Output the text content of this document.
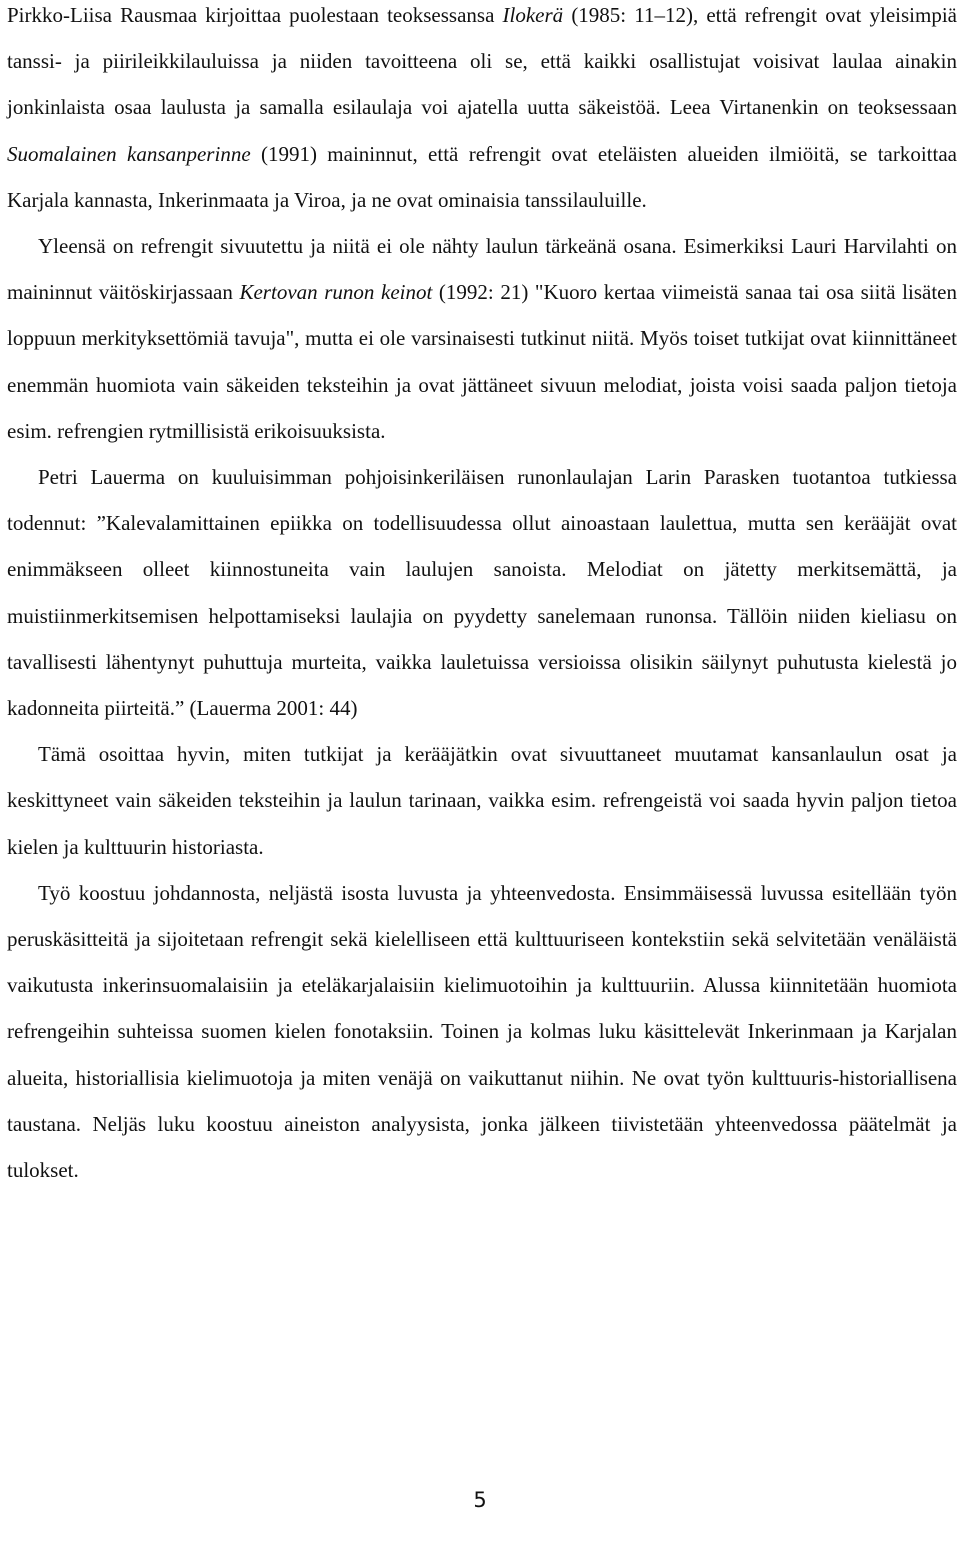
Pirkko-Liisa Rausmaa kirjoittaa puolestaan teoksessansa Ilokerä (1985: 11–12), että refrengit ovat yleisimpiä tanssi- ja piirileikkilauluissa ja niiden tavoitteena oli se, että kaikki osallistujat voisivat laulaa ainakin jonkinlaista osaa laulusta ja samalla esilaulaja voi ajatella uutta säkeistöä. Leea Virtanenkin on teoksessaan Suomalainen kansanperinne (1991) maininnut, että refrengit ovat eteläisten alueiden ilmiöitä, se tarkoittaa Karjala kannasta, Inkerinmaata ja Viroa, ja ne ovat ominaisia tanssilauluille.

Yleensä on refrengit sivuutettu ja niitä ei ole nähty laulun tärkeänä osana. Esimerkiksi Lauri Harvilahti on maininnut väitöskirjassaan Kertovan runon keinot (1992: 21) "Kuoro kertaa viimeistä sanaa tai osa siitä lisäten loppuun merkityksettömiä tavuja", mutta ei ole varsinaisesti tutkinut niitä. Myös toiset tutkijat ovat kiinnittäneet enemmän huomiota vain säkeiden teksteihin ja ovat jättäneet sivuun melodiat, joista voisi saada paljon tietoja esim. refrengien rytmillisistä erikoisuuksista.

Petri Lauerma on kuuluisimman pohjoisinkeriläisen runonlaulajan Larin Parasken tuotantoa tutkiessa todennut: ”Kalevalamittainen epiikka on todellisuudessa ollut ainoastaan laulettua, mutta sen kerääjät ovat enimmäkseen olleet kiinnostuneita vain laulujen sanoista. Melodiat on jätetty merkitsemättä, ja muistiinmerkitsemisen helpottamiseksi laulajia on pyydetty sanelemaan runonsa. Tällöin niiden kieliasu on tavallisesti lähentynyt puhuttuja murteita, vaikka lauletuissa versioissa olisikin säilynyt puhutusta kielestä jo kadonneita piirteitä.” (Lauerma 2001: 44)

Tämä osoittaa hyvin, miten tutkijat ja kerääjätkin ovat sivuuttaneet muutamat kansanlaulun osat ja keskittyneet vain säkeiden teksteihin ja laulun tarinaan, vaikka esim. refrengeistä voi saada hyvin paljon tietoa kielen ja kulttuurin historiasta.

Työ koostuu johdannosta, neljästä isosta luvusta ja yhteenvedosta. Ensimmäisessä luvussa esitellään työn peruskäsitteitä ja sijoitetaan refrengit sekä kielelliseen että kulttuuriseen kontekstiin sekä selvitetään venäläistä vaikutusta inkerinsuomalaisiin ja eteläkarjalaisiin kielimuotoihin ja kulttuuriin. Alussa kiinnitetään huomiota refrengeihin suhteissa suomen kielen fonotaksiin. Toinen ja kolmas luku käsittelevät Inkerinmaan ja Karjalan alueita, historiallisia kielimuotoja ja miten venäjä on vaikuttanut niihin. Ne ovat työn kulttuuris-historiallisena taustana. Neljäs luku koostuu aineiston analyysista, jonka jälkeen tiivistetään yhteenvedossa päätelmät ja tulokset.

5
